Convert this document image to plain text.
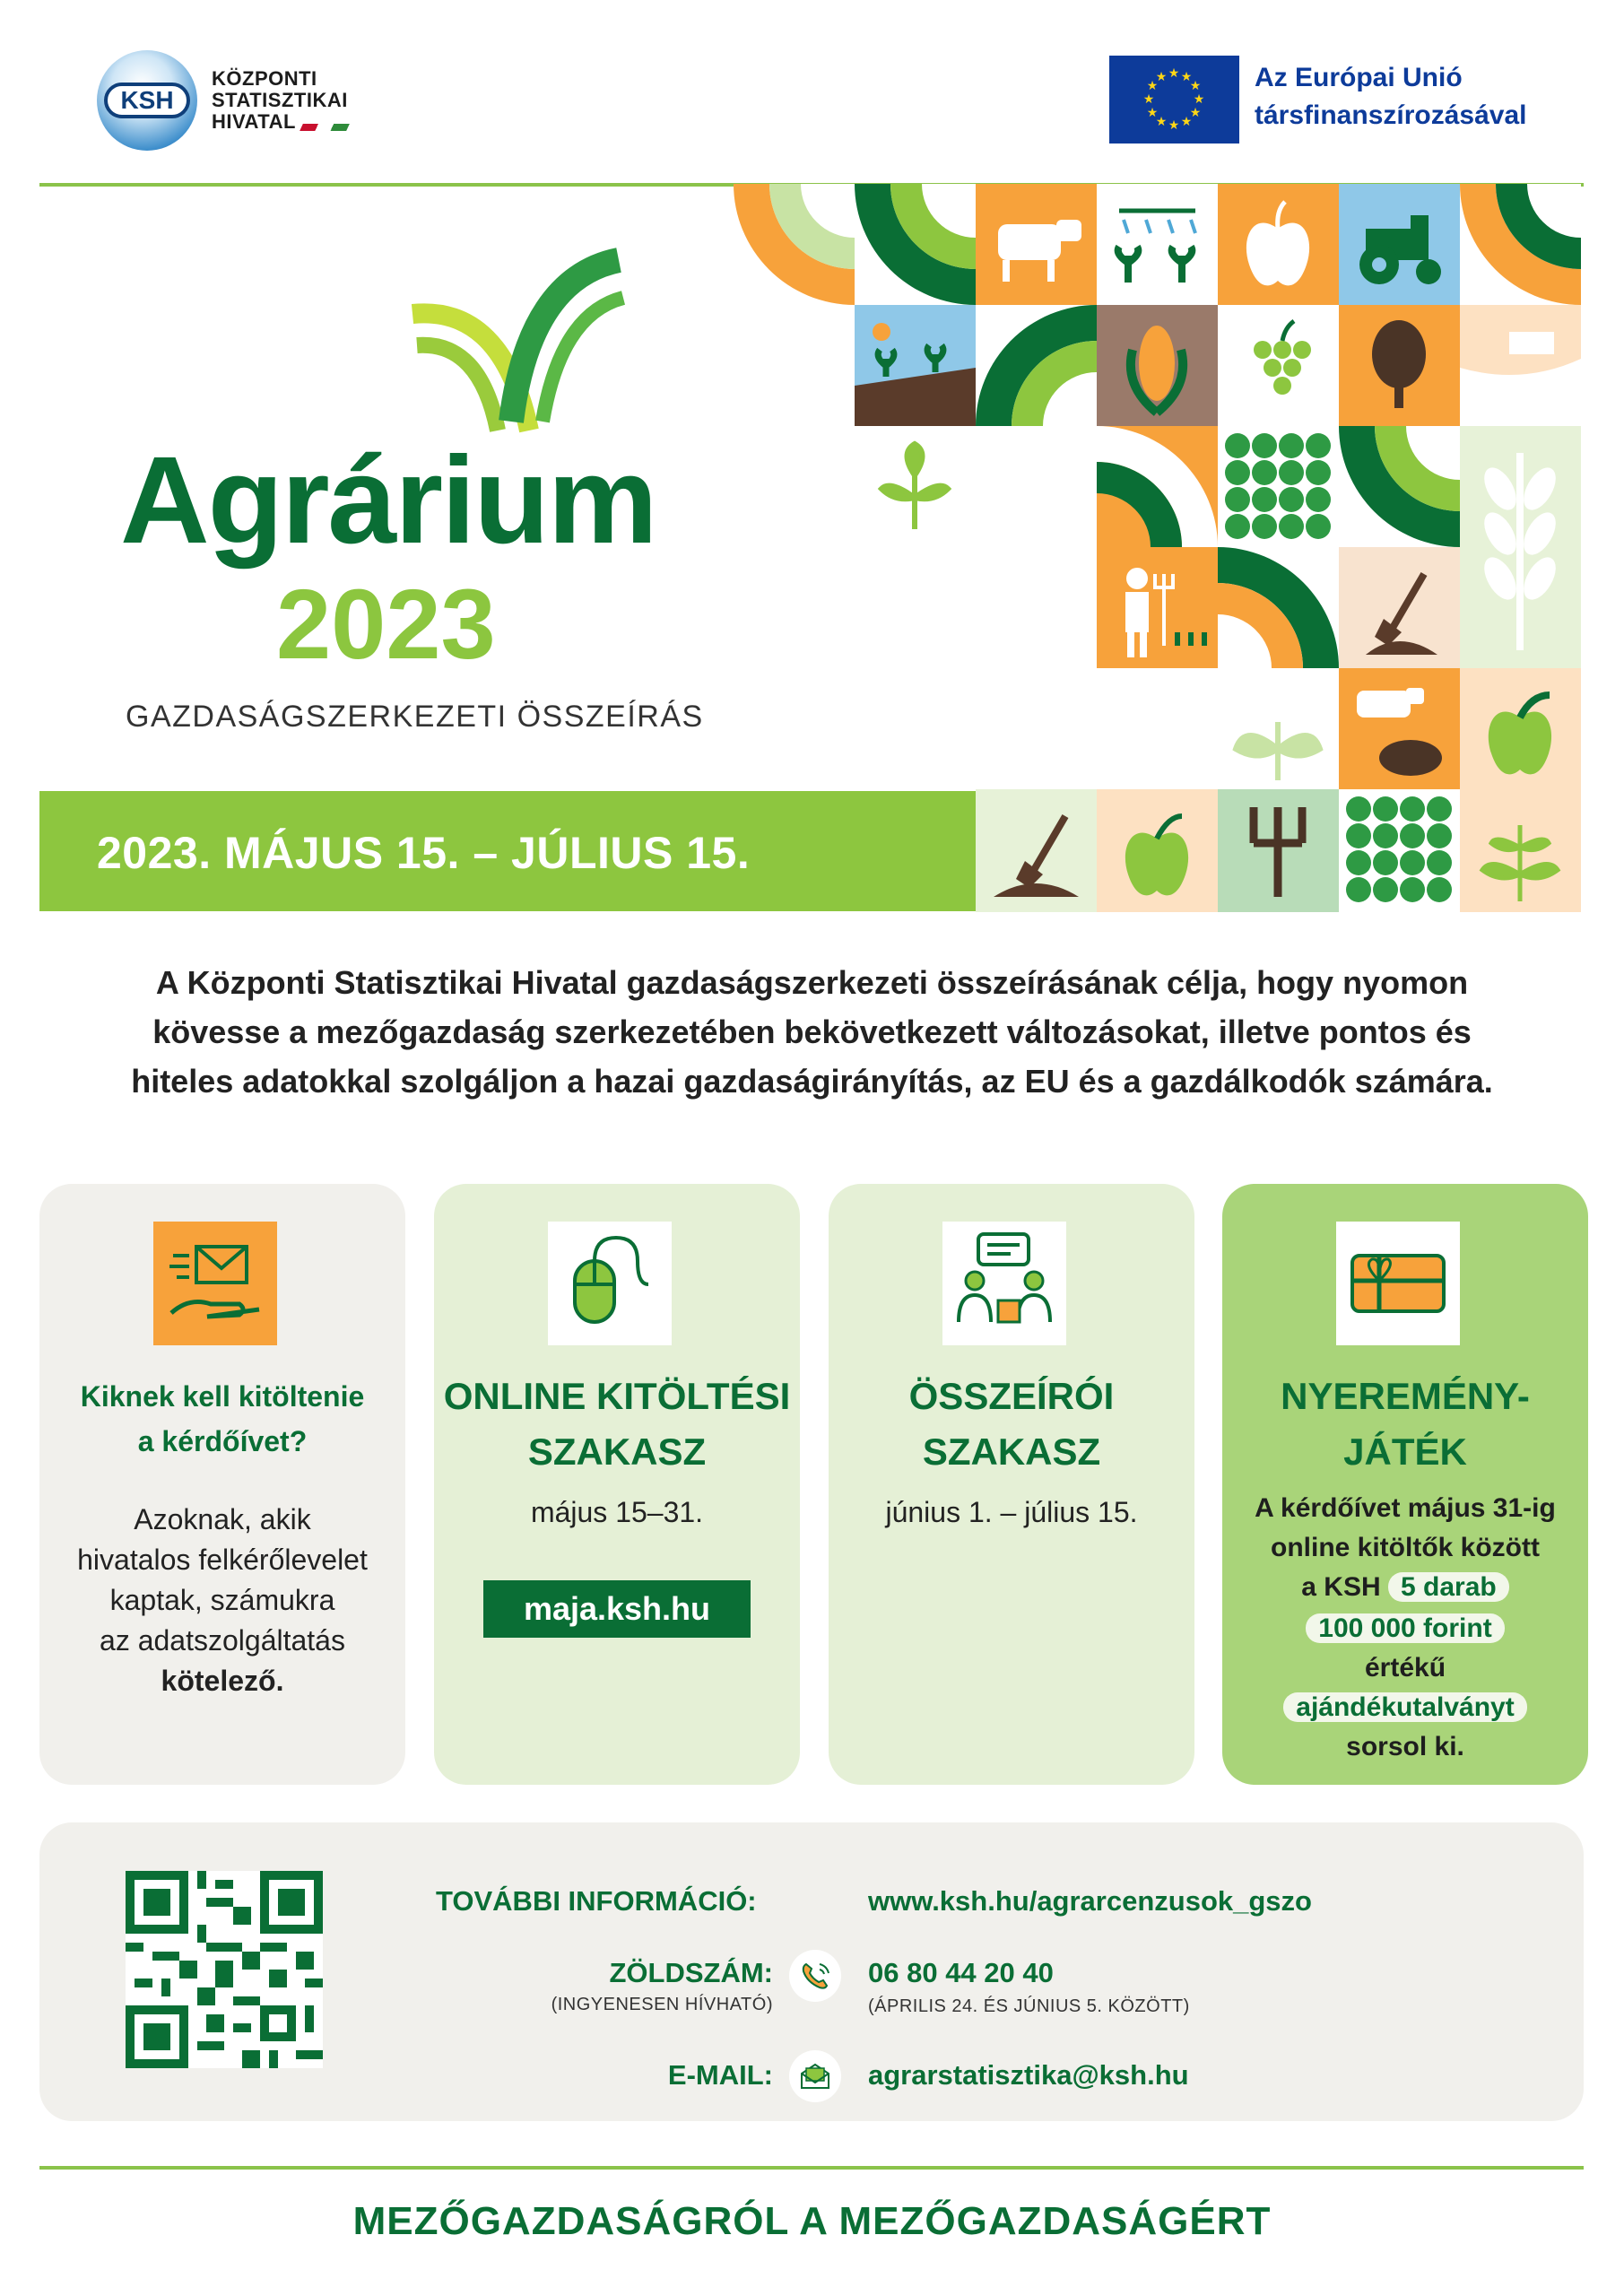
KSH
KÖZPONTI
STATISZTIKAI
HIVATAL
★ ★
★
★
★
★
★
★
★
★
★
★	Az Európai Unió
társfinanszírozásával
Agrárium
2023
GAZDASÁGSZERKEZETI ÖSSZEÍRÁS
2023. MÁJUS 15. – JÚLIUS 15.
A Központi Statisztikai Hivatal gazdaságszerkezeti összeírásának célja, hogy nyomon
kövesse a mezőgazdaság szerkezetében bekövetkezett változásokat, illetve pontos és
hiteles adatokkal szolgáljon a hazai gazdaságirányítás, az EU és a gazdálkodók számára.
Kiknek kell kitöltenie
a kérdőívet?
Azoknak, akik
hivatalos felkérőlevelet
kaptak, számukra
az adatszolgáltatás
kötelező.
ONLINE KITÖLTÉSI
SZAKASZ
május 15–31.
maja.ksh.hu
ÖSSZEÍRÓI
SZAKASZ
június 1. – július 15.
NYEREMÉNY-
JÁTÉK
A kérdőívet május 31-ig
online kitöltők között
a KSH 5 darab
100 000 forint
értékű
ajándékutalványt
sorsol ki.
TOVÁBBI INFORMÁCIÓ:	www.ksh.hu/agrarcenzusok_gszo
ZÖLDSZÁM:
(INGYENESEN HÍVHATÓ)
06 80 44 20 40
(ÁPRILIS 24. ÉS JÚNIUS 5. KÖZÖTT)
E-MAIL:	agrarstatisztika@ksh.hu
MEZŐGAZDASÁGRÓL A MEZŐGAZDASÁGÉRT
